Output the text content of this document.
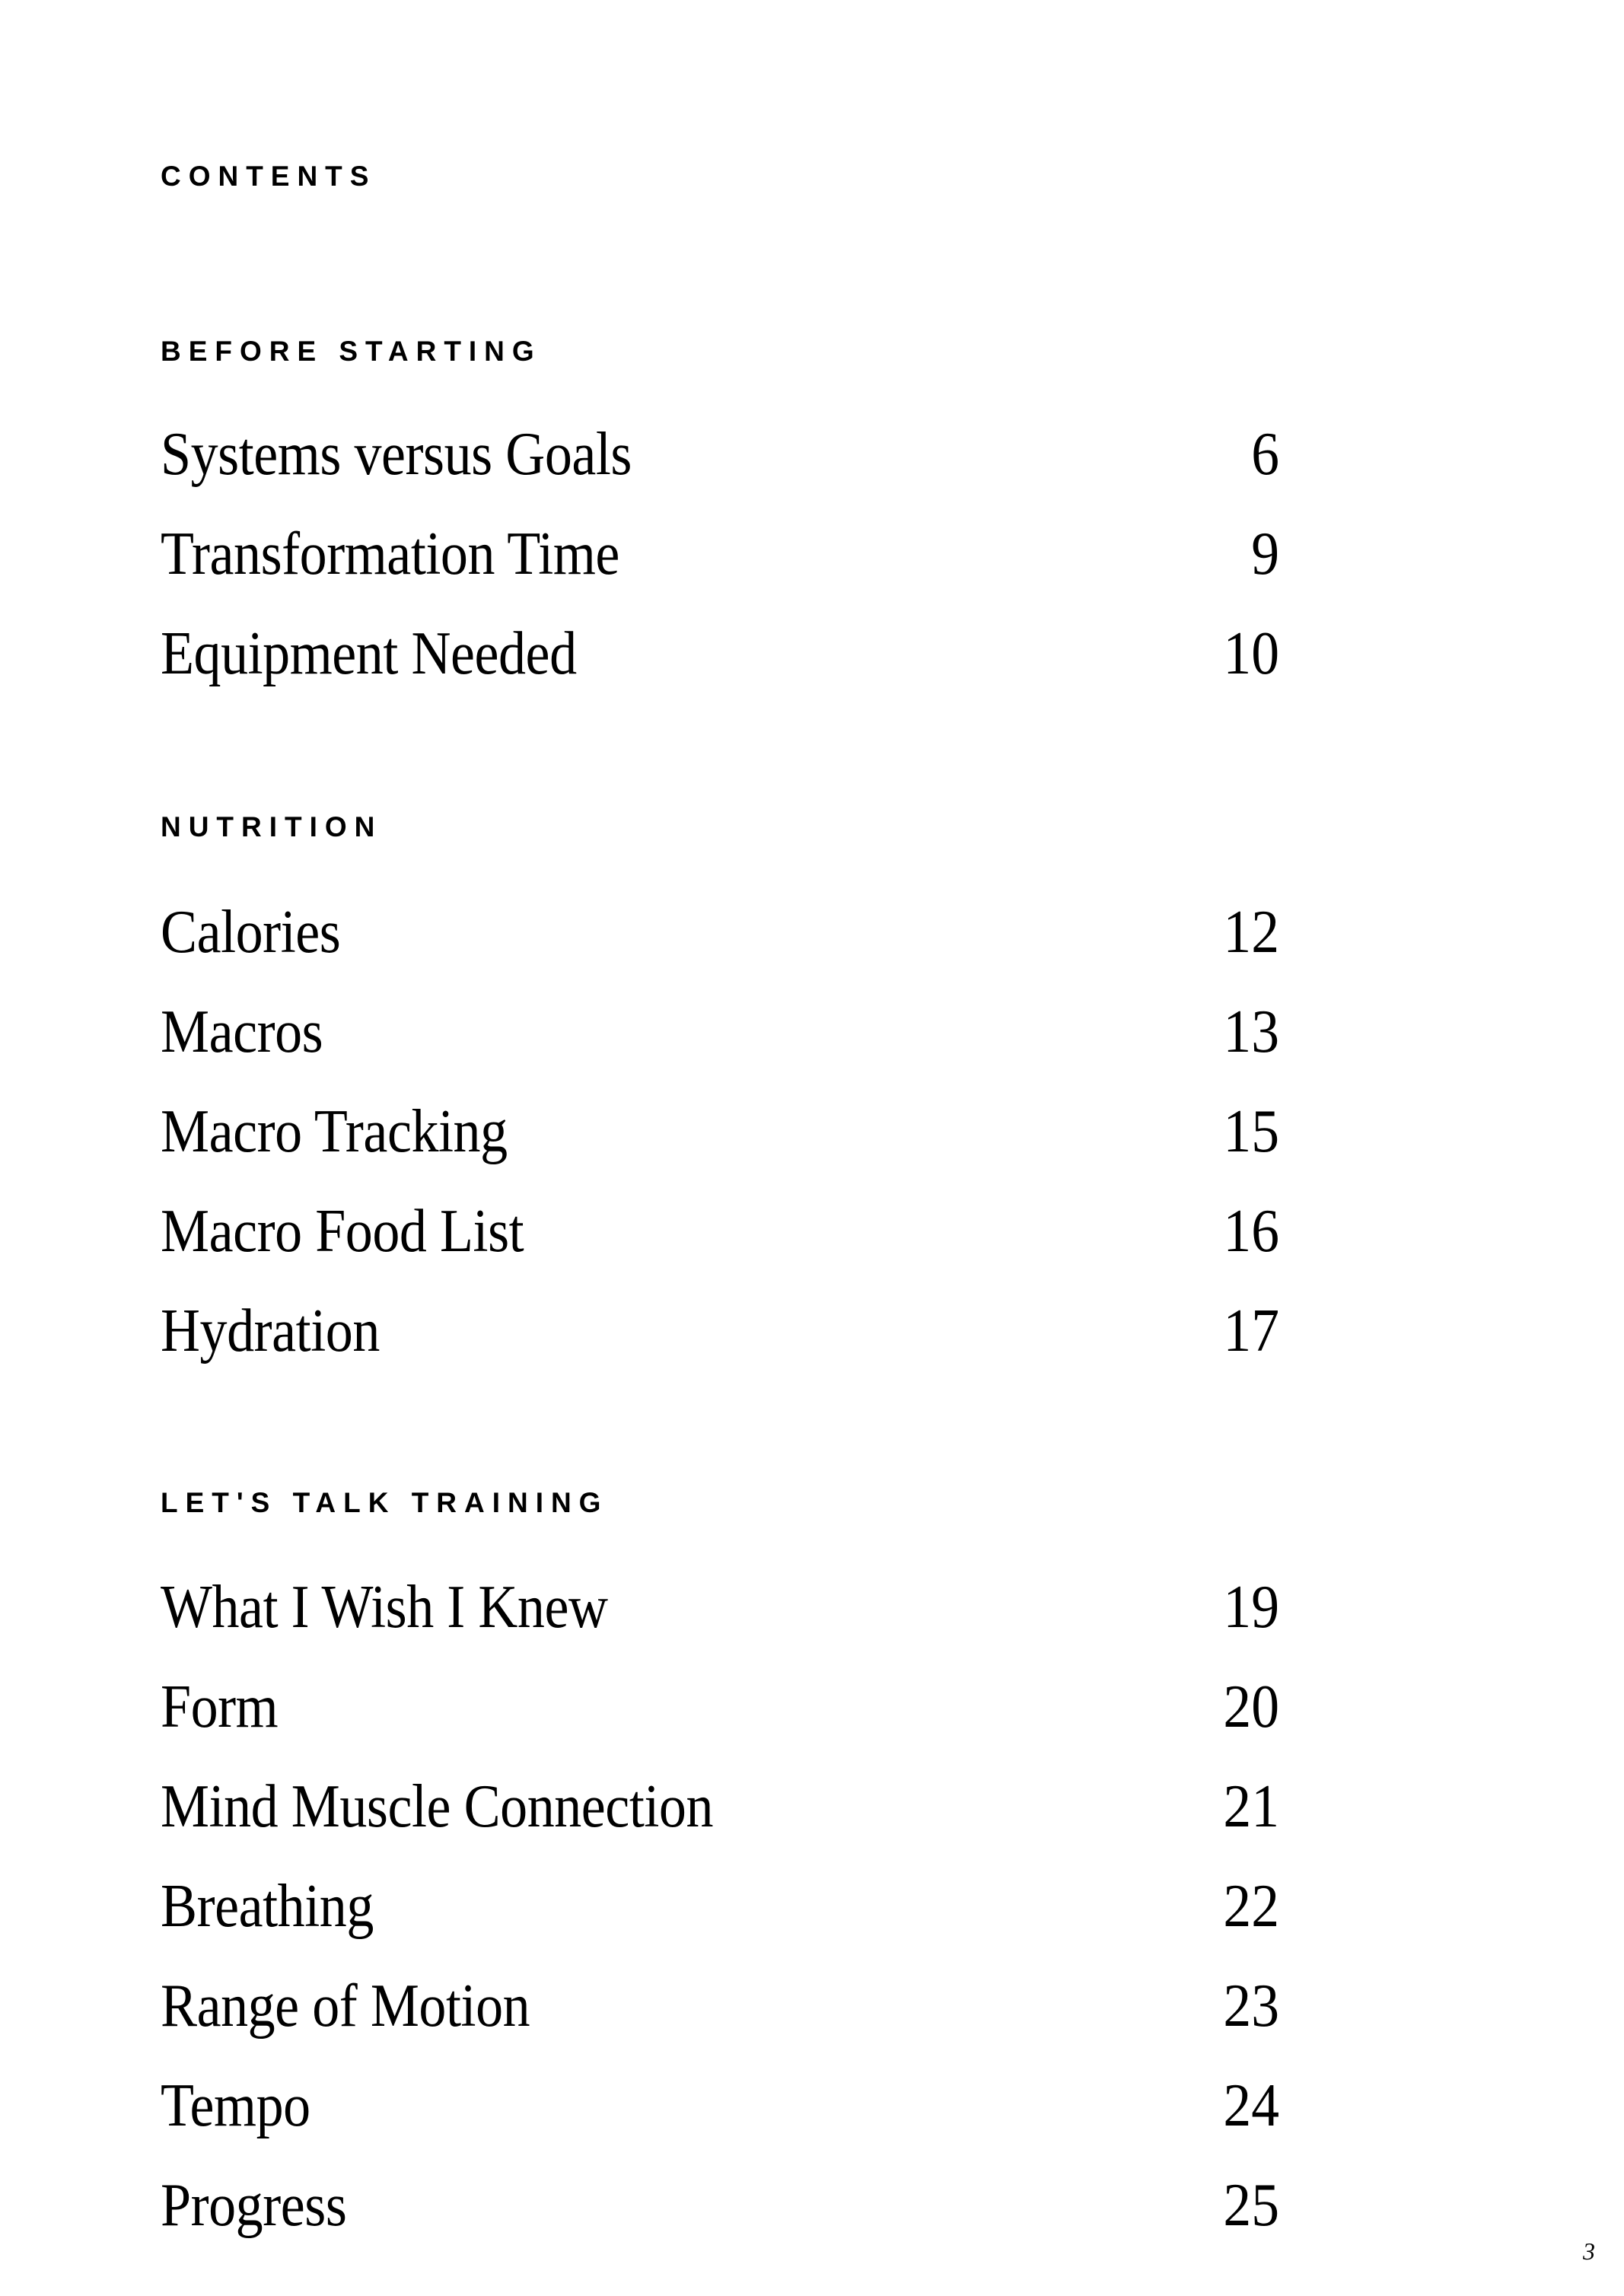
CONTENTS
BEFORE STARTING
Systems versus Goals	6
Transformation Time	9
Equipment Needed	10
NUTRITION
Calories	12
Macros	13
Macro Tracking	15
Macro Food List	16
Hydration	17
LET'S TALK TRAINING
What I Wish I Knew	19
Form	20
Mind Muscle Connection	21
Breathing	22
Range of Motion	23
Tempo	24
Progress	25
3
